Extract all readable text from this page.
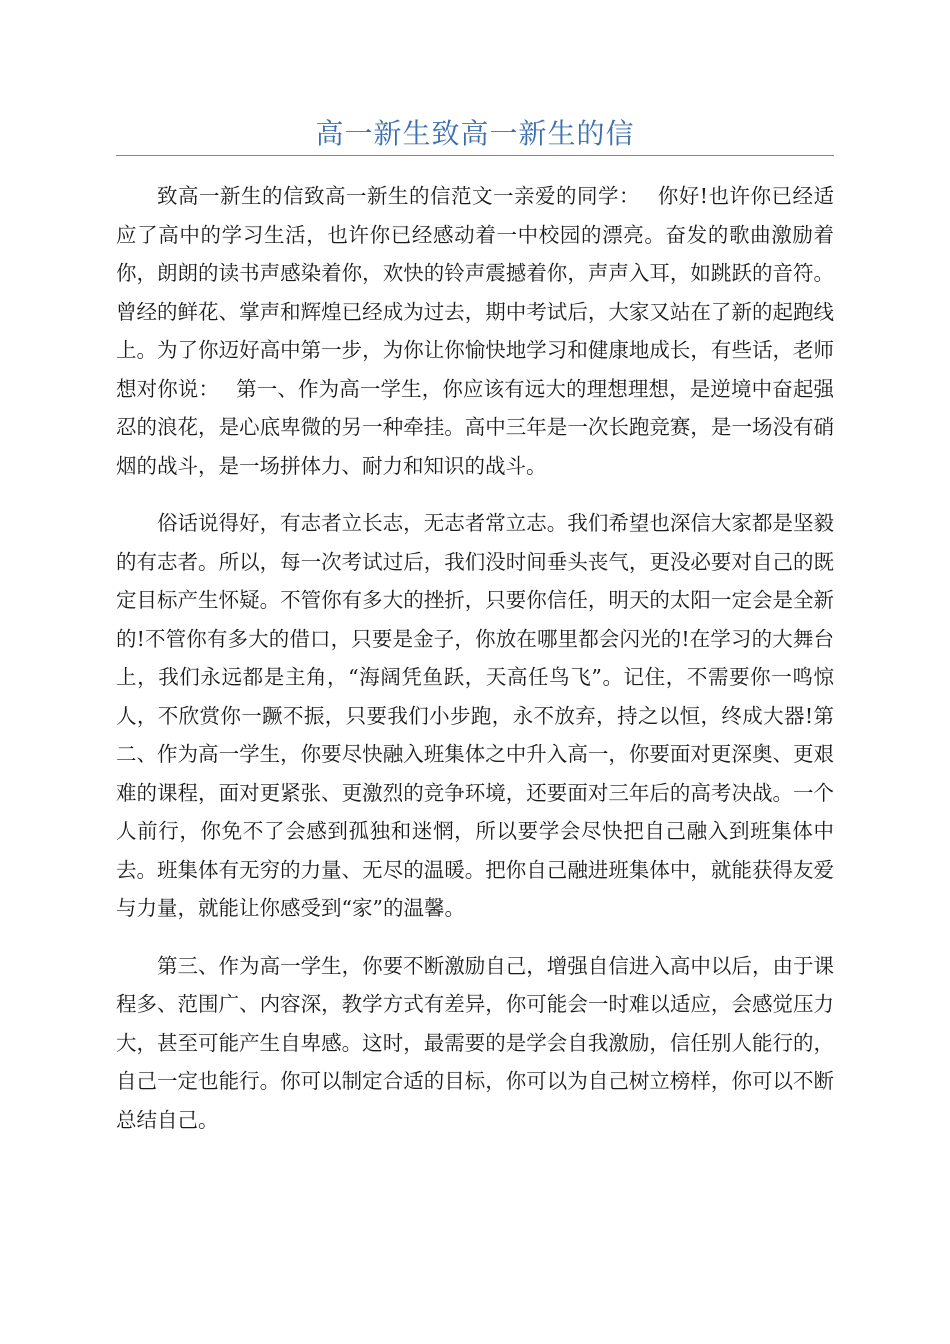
高一新生致高一新生的信

致高一新生的信致高一新生的信范文一亲爱的同学：　 你好!也许你已经适应了高中的学习生活，也许你已经感动着一中校园的漂亮。奋发的歌曲激励着你，朗朗的读书声感染着你，欢快的铃声震撼着你，声声入耳，如跳跃的音符。曾经的鲜花、掌声和辉煌已经成为过去，期中考试后，大家又站在了新的起跑线上。为了你迈好高中第一步，为你让你愉快地学习和健康地成长，有些话，老师想对你说：　 第一、作为高一学生，你应该有远大的理想理想，是逆境中奋起强忍的浪花，是心底卑微的另一种牵挂。高中三年是一次长跑竞赛，是一场没有硝烟的战斗，是一场拼体力、耐力和知识的战斗。

俗话说得好，有志者立长志，无志者常立志。我们希望也深信大家都是坚毅的有志者。所以，每一次考试过后，我们没时间垂头丧气，更没必要对自己的既定目标产生怀疑。不管你有多大的挫折，只要你信任，明天的太阳一定会是全新的!不管你有多大的借口，只要是金子，你放在哪里都会闪光的!在学习的大舞台上，我们永远都是主角，“海阔凭鱼跃，天高任鸟飞”。记住，不需要你一鸣惊人，不欣赏你一蹶不振，只要我们小步跑，永不放弃，持之以恒，终成大器!第二、作为高一学生，你要尽快融入班集体之中升入高一，你要面对更深奥、更艰难的课程，面对更紧张、更激烈的竞争环境，还要面对三年后的高考决战。一个人前行，你免不了会感到孤独和迷惘，所以要学会尽快把自己融入到班集体中去。班集体有无穷的力量、无尽的温暖。把你自己融进班集体中，就能获得友爱与力量，就能让你感受到“家”的温馨。

第三、作为高一学生，你要不断激励自己，增强自信进入高中以后，由于课程多、范围广、内容深，教学方式有差异，你可能会一时难以适应，会感觉压力大，甚至可能产生自卑感。这时，最需要的是学会自我激励，信任别人能行的，自己一定也能行。你可以制定合适的目标，你可以为自己树立榜样，你可以不断总结自己。
